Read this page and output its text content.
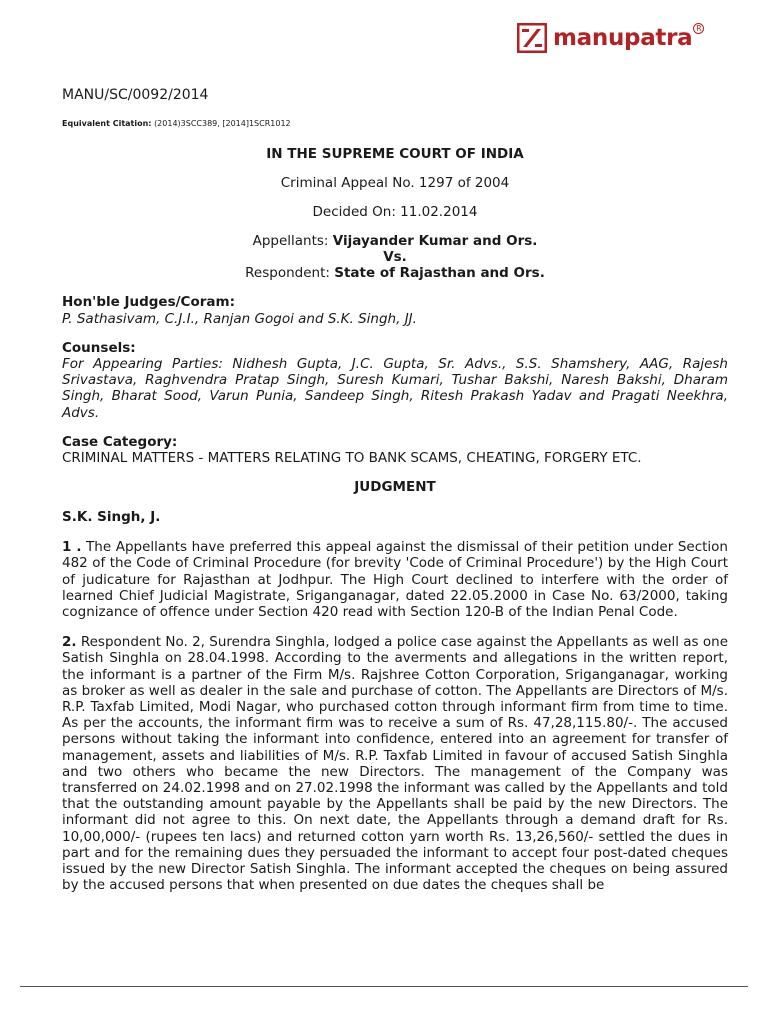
manupatra R

MANU/SC/0092/2014

Equivalent Citation: (2014)3SCC389, [2014]1SCR1012

IN THE SUPREME COURT OF INDIA

Criminal Appeal No. 1297 of 2004

Decided On: 11.02.2014

Appellants: Vijayander Kumar and Ors.
Vs.
Respondent: State of Rajasthan and Ors.

Hon'ble Judges/Coram:

P. Sathasivam, C.J.I., Ranjan Gogoi and S.K. Singh, JJ.

Counsels:

For Appearing Parties: Nidhesh Gupta, J.C. Gupta, Sr. Advs., S.S. Shamshery, AAG, Rajesh Srivastava, Raghvendra Pratap Singh, Suresh Kumari, Tushar Bakshi, Naresh Bakshi, Dharam Singh, Bharat Sood, Varun Punia, Sandeep Singh, Ritesh Prakash Yadav and Pragati Neekhra, Advs.

Case Category:

CRIMINAL MATTERS - MATTERS RELATING TO BANK SCAMS, CHEATING, FORGERY ETC.

JUDGMENT

S.K. Singh, J.

1 . The Appellants have preferred this appeal against the dismissal of their petition under Section 482 of the Code of Criminal Procedure (for brevity 'Code of Criminal Procedure') by the High Court of judicature for Rajasthan at Jodhpur. The High Court declined to interfere with the order of learned Chief Judicial Magistrate, Sriganganagar, dated 22.05.2000 in Case No. 63/2000, taking cognizance of offence under Section 420 read with Section 120-B of the Indian Penal Code.

2. Respondent No. 2, Surendra Singhla, lodged a police case against the Appellants as well as one Satish Singhla on 28.04.1998. According to the averments and allegations in the written report, the informant is a partner of the Firm M/s. Rajshree Cotton Corporation, Sriganganagar, working as broker as well as dealer in the sale and purchase of cotton. The Appellants are Directors of M/s. R.P. Taxfab Limited, Modi Nagar, who purchased cotton through informant firm from time to time. As per the accounts, the informant firm was to receive a sum of Rs. 47,28,115.80/-. The accused persons without taking the informant into confidence, entered into an agreement for transfer of management, assets and liabilities of M/s. R.P. Taxfab Limited in favour of accused Satish Singhla and two others who became the new Directors. The management of the Company was transferred on 24.02.1998 and on 27.02.1998 the informant was called by the Appellants and told that the outstanding amount payable by the Appellants shall be paid by the new Directors. The informant did not agree to this. On next date, the Appellants through a demand draft for Rs. 10,00,000/- (rupees ten lacs) and returned cotton yarn worth Rs. 13,26,560/- settled the dues in part and for the remaining dues they persuaded the informant to accept four post-dated cheques issued by the new Director Satish Singhla. The informant accepted the cheques on being assured by the accused persons that when presented on due dates the cheques shall be
